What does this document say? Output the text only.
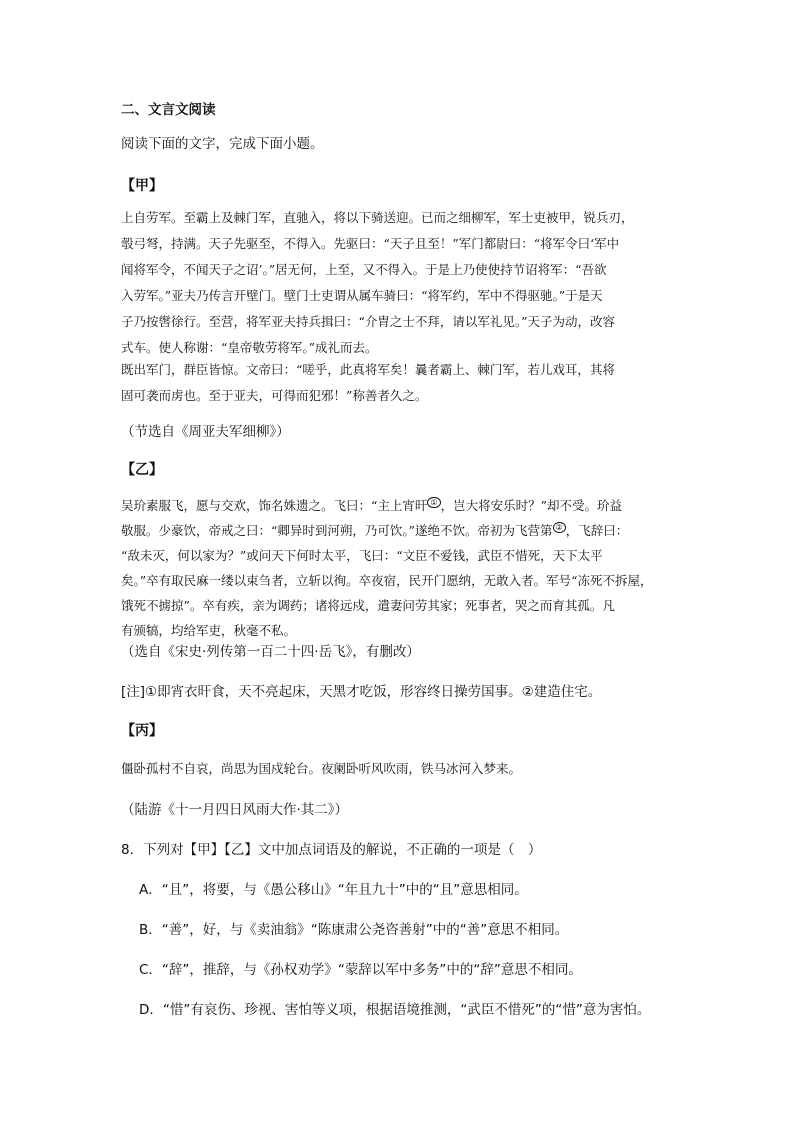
二、文言文阅读
阅读下面的文字，完成下面小题。
【甲】
上自劳军。至霸上及棘门军，直驰入，将以下骑送迎。已而之细柳军，军士吏被甲，锐兵刃，
彀弓弩，持满。天子先驱至，不得入。先驱曰：“天子且至！”军门都尉曰：“将军令曰‘军中
闻将军令，不闻天子之诏’。”居无何，上至，又不得入。于是上乃使使持节诏将军：“吾欲
入劳军。”亚夫乃传言开壁门。壁门士吏谓从属车骑曰：“将军约，军中不得驱驰。”于是天
子乃按辔徐行。至营，将军亚夫持兵揖曰：“介胄之士不拜，请以军礼见。”天子为动，改容
式车。使人称谢：“皇帝敬劳将军。”成礼而去。
既出军门，群臣皆惊。文帝曰：“嗟乎，此真将军矣！曩者霸上、棘门军，若儿戏耳，其将
固可袭而虏也。至于亚夫，可得而犯邪！”称善者久之。
（节选自《周亚夫军细柳》）
【乙】
吴玠素服飞，愿与交欢，饰名姝遗之。飞曰：“主上宵旰 ① ，岂大将安乐时？”却不受。玠益
敬服。少豪饮，帝戒之曰：“卿异时到河朔，乃可饮。”遂绝不饮。帝初为飞营第 ② ，飞辞曰：
“敌未灭，何以家为？”或问天下何时太平，飞曰：“文臣不爱钱，武臣不惜死，天下太平
矣。”卒有取民麻一缕以束刍者，立斩以徇。卒夜宿，民开门愿纳，无敢入者。军号“冻死不拆屋，
饿死不掳掠”。卒有疾，亲为调药；诸将远戍，遣妻问劳其家；死事者，哭之而育其孤。凡
有颁犒，均给军吏，秋毫不私。
（选自《宋史·列传第一百二十四·岳飞》，有删改）
[注]①即宵衣旰食，天不亮起床，天黑才吃饭，形容终日操劳国事。②建造住宅。
【丙】
僵卧孤村不自哀，尚思为国戍轮台。夜阑卧听风吹雨，铁马冰河入梦来。
（陆游《十一月四日风雨大作·其二》）
8．下列对【甲】【乙】文中加点词语及的解说，不正确的一项是（　）
A．“且”，将要，与《愚公移山》“年且九十”中的“且”意思相同。
B．“善”，好，与《卖油翁》“陈康肃公尧咨善射”中的“善”意思不相同。
C．“辞”，推辞，与《孙权劝学》“蒙辞以军中多务”中的“辞”意思不相同。
D．“惜”有哀伤、珍视、害怕等义项，根据语境推测，“武臣不惜死”的“惜”意为害怕。
